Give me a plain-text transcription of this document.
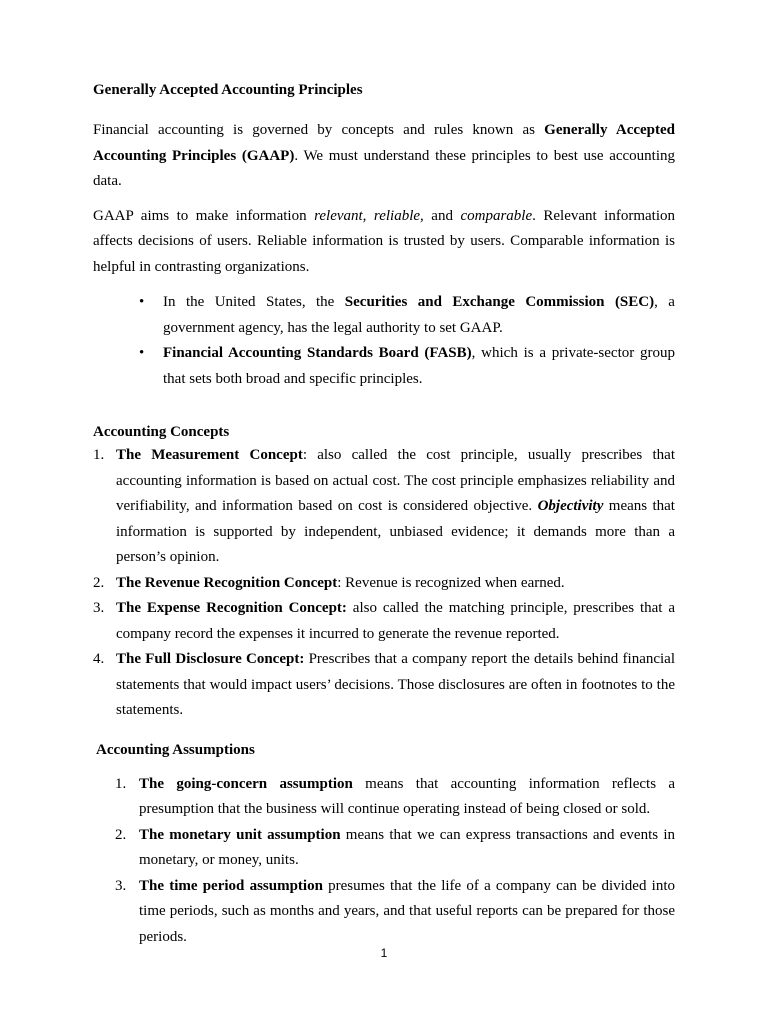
Generally Accepted Accounting Principles

Financial accounting is governed by concepts and rules known as Generally Accepted Accounting Principles (GAAP). We must understand these principles to best use accounting data.

GAAP aims to make information relevant, reliable, and comparable. Relevant information affects decisions of users. Reliable information is trusted by users. Comparable information is helpful in contrasting organizations.

• In the United States, the Securities and Exchange Commission (SEC), a government agency, has the legal authority to set GAAP.
• Financial Accounting Standards Board (FASB), which is a private-sector group that sets both broad and specific principles.

Accounting Concepts

1. The Measurement Concept: also called the cost principle, usually prescribes that accounting information is based on actual cost. The cost principle emphasizes reliability and verifiability, and information based on cost is considered objective. Objectivity means that information is supported by independent, unbiased evidence; it demands more than a person’s opinion.
2. The Revenue Recognition Concept: Revenue is recognized when earned.
3. The Expense Recognition Concept: also called the matching principle, prescribes that a company record the expenses it incurred to generate the revenue reported.
4. The Full Disclosure Concept: Prescribes that a company report the details behind financial statements that would impact users’ decisions. Those disclosures are often in footnotes to the statements.

Accounting Assumptions

1. The going-concern assumption means that accounting information reflects a presumption that the business will continue operating instead of being closed or sold.
2. The monetary unit assumption means that we can express transactions and events in monetary, or money, units.
3. The time period assumption presumes that the life of a company can be divided into time periods, such as months and years, and that useful reports can be prepared for those periods.
1
